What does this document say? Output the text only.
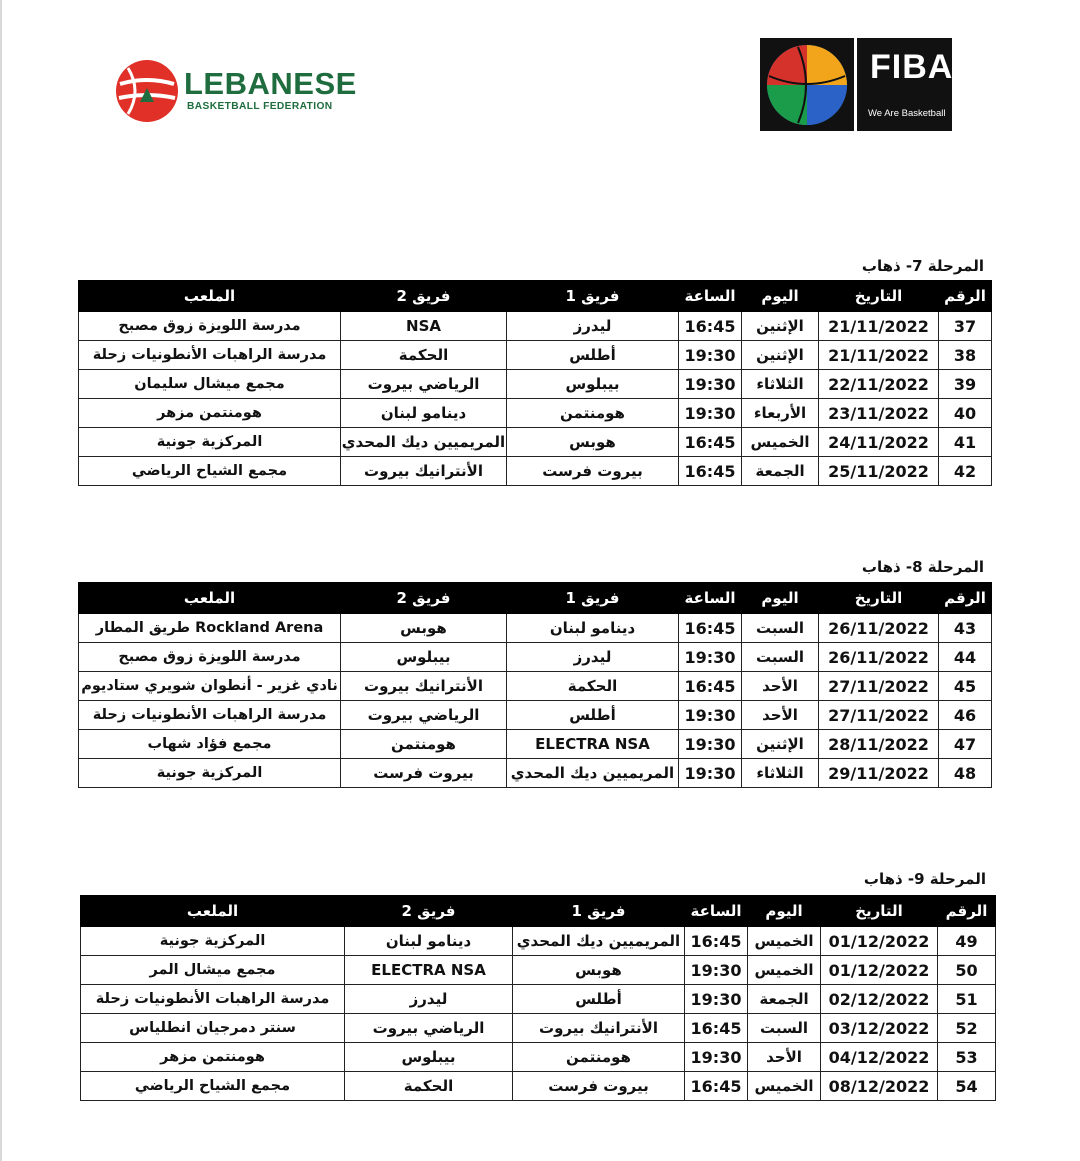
LEBANESE
BASKETBALL FEDERATION
FIBA
We Are Basketball
المرحلة 7- ذهاب
الرقم	التاريخ	اليوم	الساعة	فريق 1	فريق 2	الملعب
37	21/11/2022	الإثنين	16:45	ليدرز	NSA	مدرسة اللويزة زوق مصبح
38	21/11/2022	الإثنين	19:30	أطلس	الحكمة	مدرسة الراهبات الأنطونيات زحلة
39	22/11/2022	الثلاثاء	19:30	بيبلوس	الرياضي بيروت	مجمع ميشال سليمان
40	23/11/2022	الأربعاء	19:30	هومنتمن	دينامو لبنان	هومنتمن مزهر
41	24/11/2022	الخميس	16:45	هوبس	المريميين ديك المحدي	المركزية جونية
42	25/11/2022	الجمعة	16:45	بيروت فرست	الأنترانيك بيروت	مجمع الشياح الرياضي
المرحلة 8- ذهاب
الرقم	التاريخ	اليوم	الساعة	فريق 1	فريق 2	الملعب
43	26/11/2022	السبت	16:45	دينامو لبنان	هوبس	Rockland Arena طريق المطار
44	26/11/2022	السبت	19:30	ليدرز	بيبلوس	مدرسة اللويزة زوق مصبح
45	27/11/2022	الأحد	16:45	الحكمة	الأنترانيك بيروت	نادي غزير - أنطوان شويري ستاديوم
46	27/11/2022	الأحد	19:30	أطلس	الرياضي بيروت	مدرسة الراهبات الأنطونيات زحلة
47	28/11/2022	الإثنين	19:30	ELECTRA NSA	هومنتمن	مجمع فؤاد شهاب
48	29/11/2022	الثلاثاء	19:30	المريميين ديك المحدي	بيروت فرست	المركزية جونية
المرحلة 9- ذهاب
الرقم	التاريخ	اليوم	الساعة	فريق 1	فريق 2	الملعب
49	01/12/2022	الخميس	16:45	المريميين ديك المحدي	دينامو لبنان	المركزية جونية
50	01/12/2022	الخميس	19:30	هوبس	ELECTRA NSA	مجمع ميشال المر
51	02/12/2022	الجمعة	19:30	أطلس	ليدرز	مدرسة الراهبات الأنطونيات زحلة
52	03/12/2022	السبت	16:45	الأنترانيك بيروت	الرياضي بيروت	سنتر دمرجيان انطلياس
53	04/12/2022	الأحد	19:30	هومنتمن	بيبلوس	هومنتمن مزهر
54	08/12/2022	الخميس	16:45	بيروت فرست	الحكمة	مجمع الشياح الرياضي
